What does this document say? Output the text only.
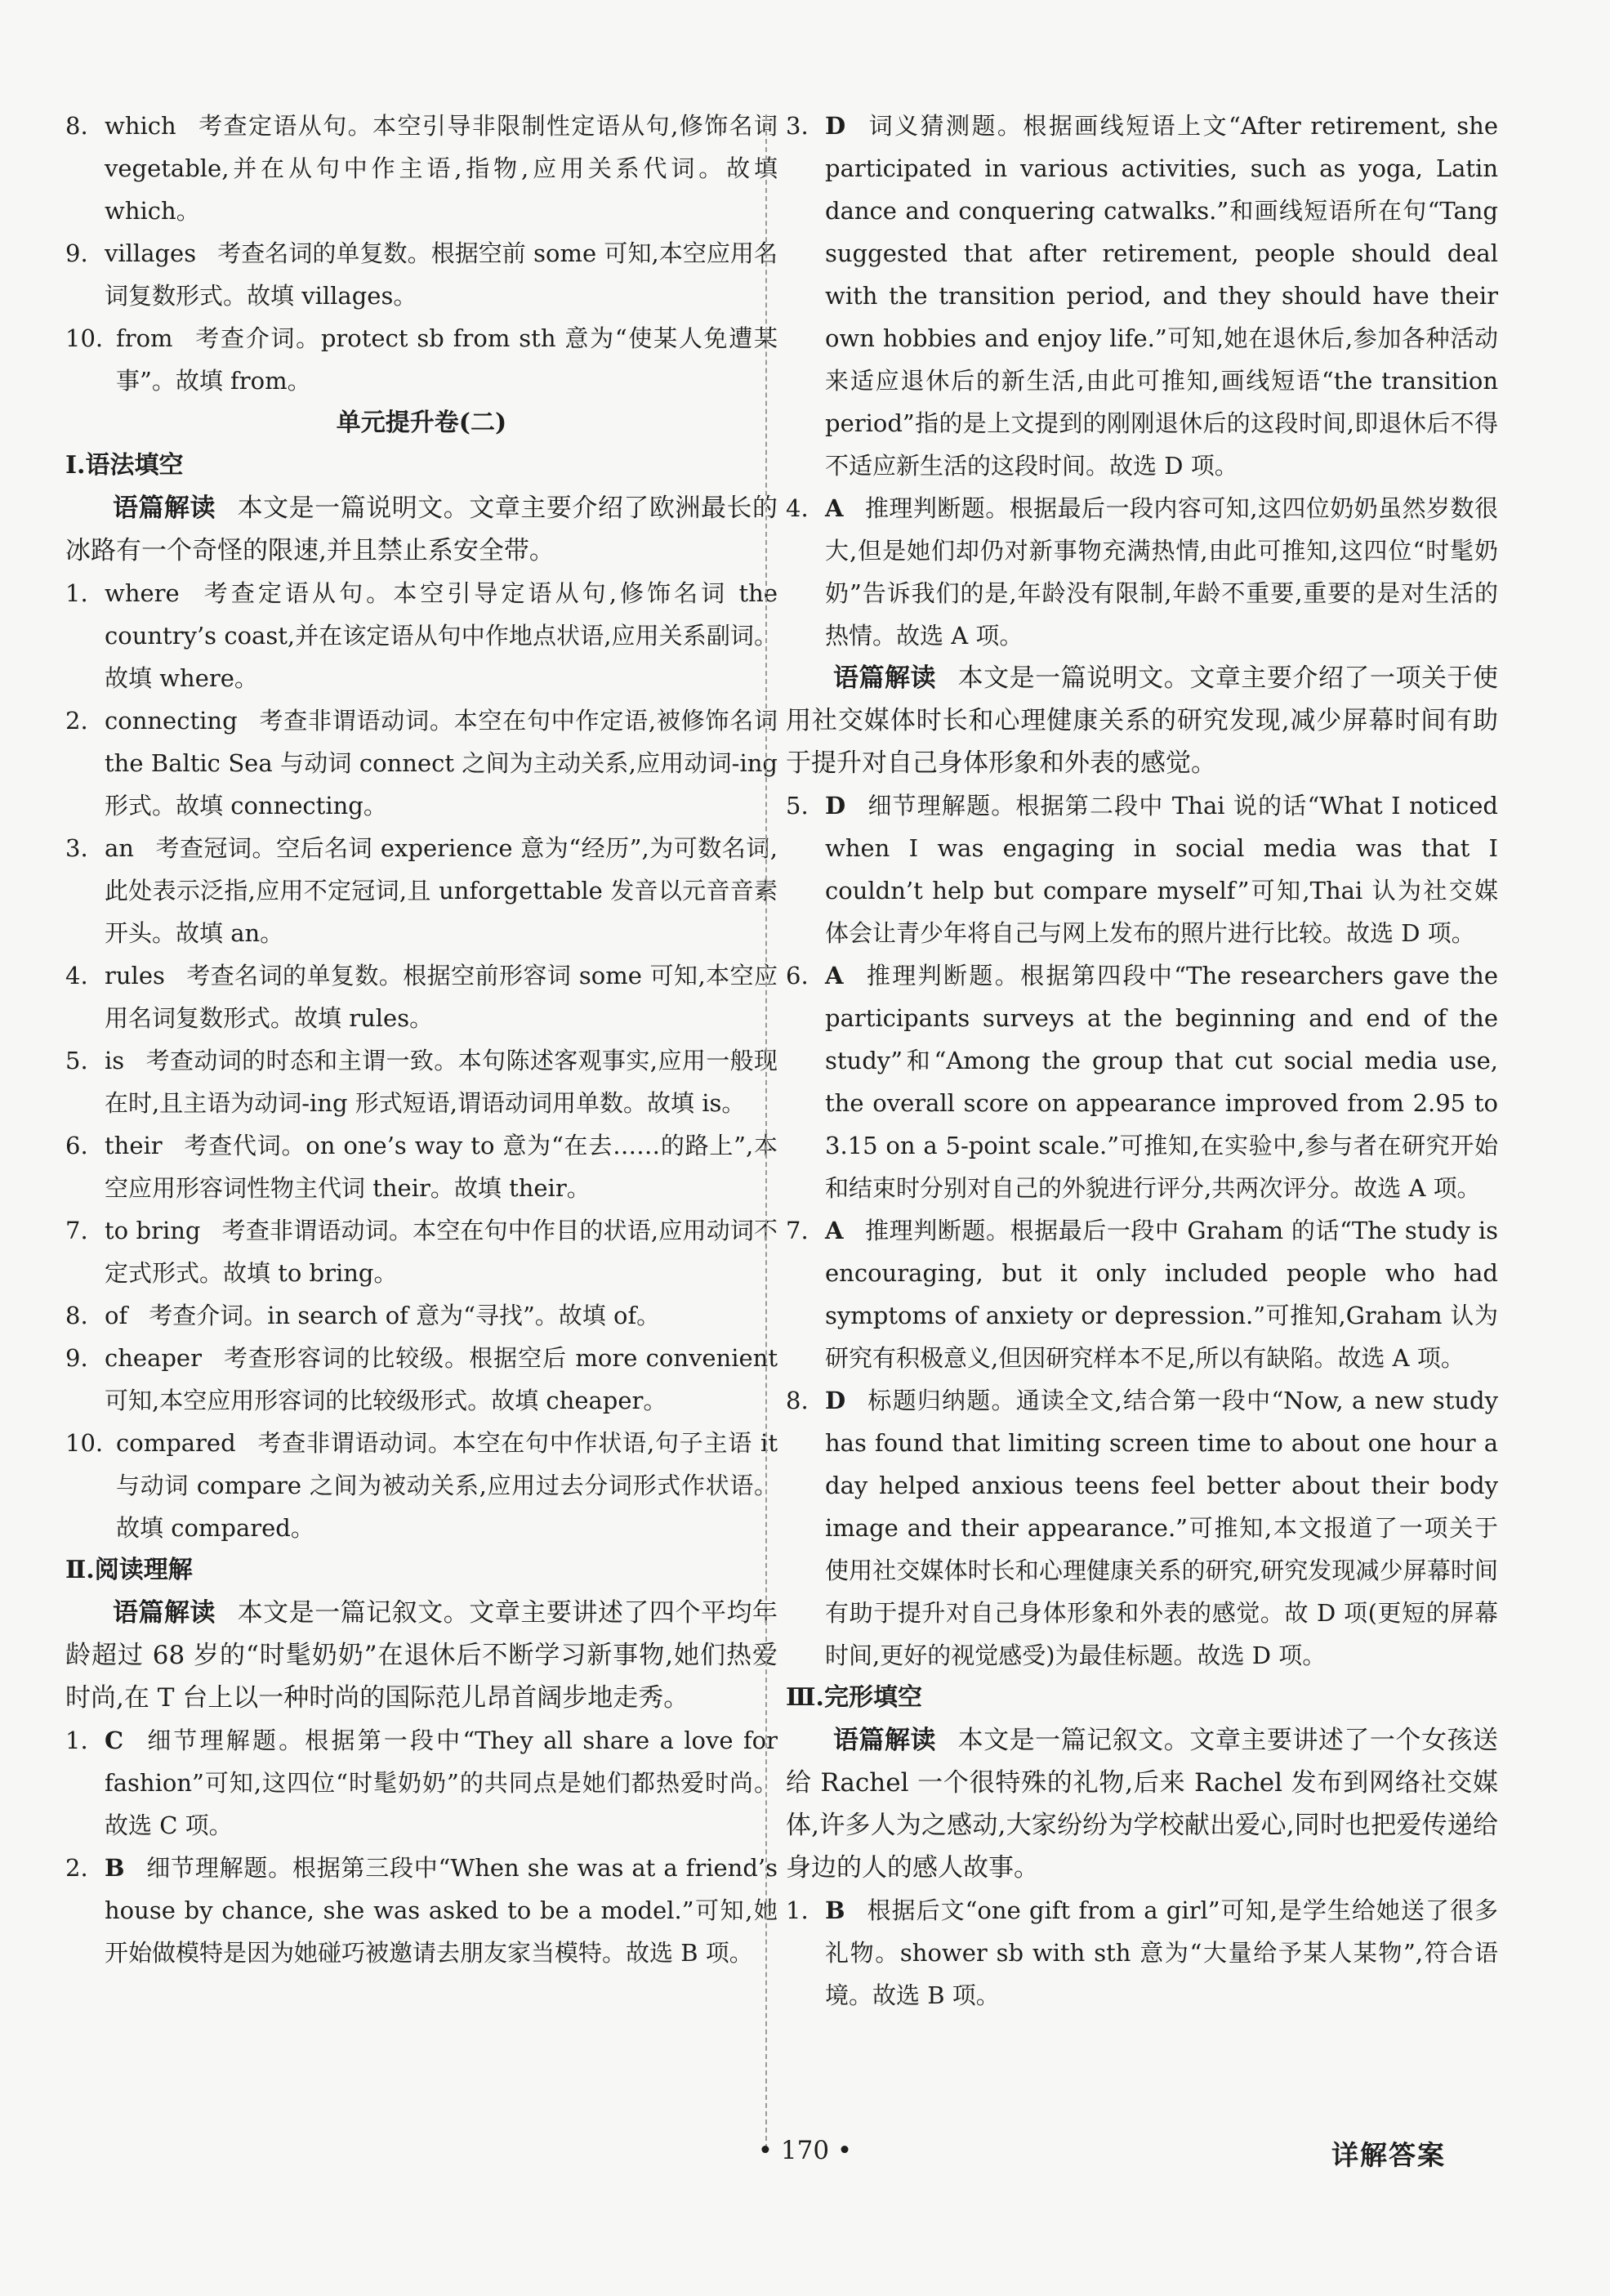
8. which 考查定语从句。本空引导非限制性定语从句,修饰名词 vegetable,并在从句中作主语,指物,应用关系代词。故填 which。
9. villages 考查名词的单复数。根据空前 some 可知,本空应用名词复数形式。故填 villages。
10. from 考查介词。protect sb from sth 意为“使某人免遭某事”。故填 from。
单元提升卷(二)
Ⅰ.语法填空
语篇解读 本文是一篇说明文。文章主要介绍了欧洲最长的冰路有一个奇怪的限速,并且禁止系安全带。
1. where 考查定语从句。本空引导定语从句,修饰名词 the country’s coast,并在该定语从句中作地点状语,应用关系副词。故填 where。
2. connecting 考查非谓语动词。本空在句中作定语,被修饰名词 the Baltic Sea 与动词 connect 之间为主动关系,应用动词-ing 形式。故填 connecting。
3. an 考查冠词。空后名词 experience 意为“经历”,为可数名词,此处表示泛指,应用不定冠词,且 unforgettable 发音以元音音素开头。故填 an。
4. rules 考查名词的单复数。根据空前形容词 some 可知,本空应用名词复数形式。故填 rules。
5. is 考查动词的时态和主谓一致。本句陈述客观事实,应用一般现在时,且主语为动词-ing 形式短语,谓语动词用单数。故填 is。
6. their 考查代词。on one’s way to 意为“在去……的路上”,本空应用形容词性物主代词 their。故填 their。
7. to bring 考查非谓语动词。本空在句中作目的状语,应用动词不定式形式。故填 to bring。
8. of 考查介词。in search of 意为“寻找”。故填 of。
9. cheaper 考查形容词的比较级。根据空后 more convenient 可知,本空应用形容词的比较级形式。故填 cheaper。
10. compared 考查非谓语动词。本空在句中作状语,句子主语 it 与动词 compare 之间为被动关系,应用过去分词形式作状语。故填 compared。
Ⅱ.阅读理解
语篇解读 本文是一篇记叙文。文章主要讲述了四个平均年龄超过 68 岁的“时髦奶奶”在退休后不断学习新事物,她们热爱时尚,在 T 台上以一种时尚的国际范儿昂首阔步地走秀。
1. C 细节理解题。根据第一段中“They all share a love for fashion”可知,这四位“时髦奶奶”的共同点是她们都热爱时尚。故选 C 项。
2. B 细节理解题。根据第三段中“When she was at a friend’s house by chance, she was asked to be a model.”可知,她开始做模特是因为她碰巧被邀请去朋友家当模特。故选 B 项。
3. D 词义猜测题。根据画线短语上文“After retirement, she participated in various activities, such as yoga, Latin dance and conquering catwalks.”和画线短语所在句“Tang suggested that after retirement, people should deal with the transition period, and they should have their own hobbies and enjoy life.”可知,她在退休后,参加各种活动来适应退休后的新生活,由此可推知,画线短语“the transition period”指的是上文提到的刚刚退休后的这段时间,即退休后不得不适应新生活的这段时间。故选 D 项。
4. A 推理判断题。根据最后一段内容可知,这四位奶奶虽然岁数很大,但是她们却仍对新事物充满热情,由此可推知,这四位“时髦奶奶”告诉我们的是,年龄没有限制,年龄不重要,重要的是对生活的热情。故选 A 项。
语篇解读 本文是一篇说明文。文章主要介绍了一项关于使用社交媒体时长和心理健康关系的研究发现,减少屏幕时间有助于提升对自己身体形象和外表的感觉。
5. D 细节理解题。根据第二段中 Thai 说的话“What I noticed when I was engaging in social media was that I couldn’t help but compare myself”可知,Thai 认为社交媒体会让青少年将自己与网上发布的照片进行比较。故选 D 项。
6. A 推理判断题。根据第四段中“The researchers gave the participants surveys at the beginning and end of the study”和“Among the group that cut social media use, the overall score on appearance improved from 2.95 to 3.15 on a 5-point scale.”可推知,在实验中,参与者在研究开始和结束时分别对自己的外貌进行评分,共两次评分。故选 A 项。
7. A 推理判断题。根据最后一段中 Graham 的话“The study is encouraging, but it only included people who had symptoms of anxiety or depression.”可推知,Graham 认为研究有积极意义,但因研究样本不足,所以有缺陷。故选 A 项。
8. D 标题归纳题。通读全文,结合第一段中“Now, a new study has found that limiting screen time to about one hour a day helped anxious teens feel better about their body image and their appearance.”可推知,本文报道了一项关于使用社交媒体时长和心理健康关系的研究,研究发现减少屏幕时间有助于提升对自己身体形象和外表的感觉。故 D 项(更短的屏幕时间,更好的视觉感受)为最佳标题。故选 D 项。
Ⅲ.完形填空
语篇解读 本文是一篇记叙文。文章主要讲述了一个女孩送给 Rachel 一个很特殊的礼物,后来 Rachel 发布到网络社交媒体,许多人为之感动,大家纷纷为学校献出爱心,同时也把爱传递给身边的人的感人故事。
1. B 根据后文“one gift from a girl”可知,是学生给她送了很多礼物。shower sb with sth 意为“大量给予某人某物”,符合语境。故选 B 项。
• 170 •	详解答案
